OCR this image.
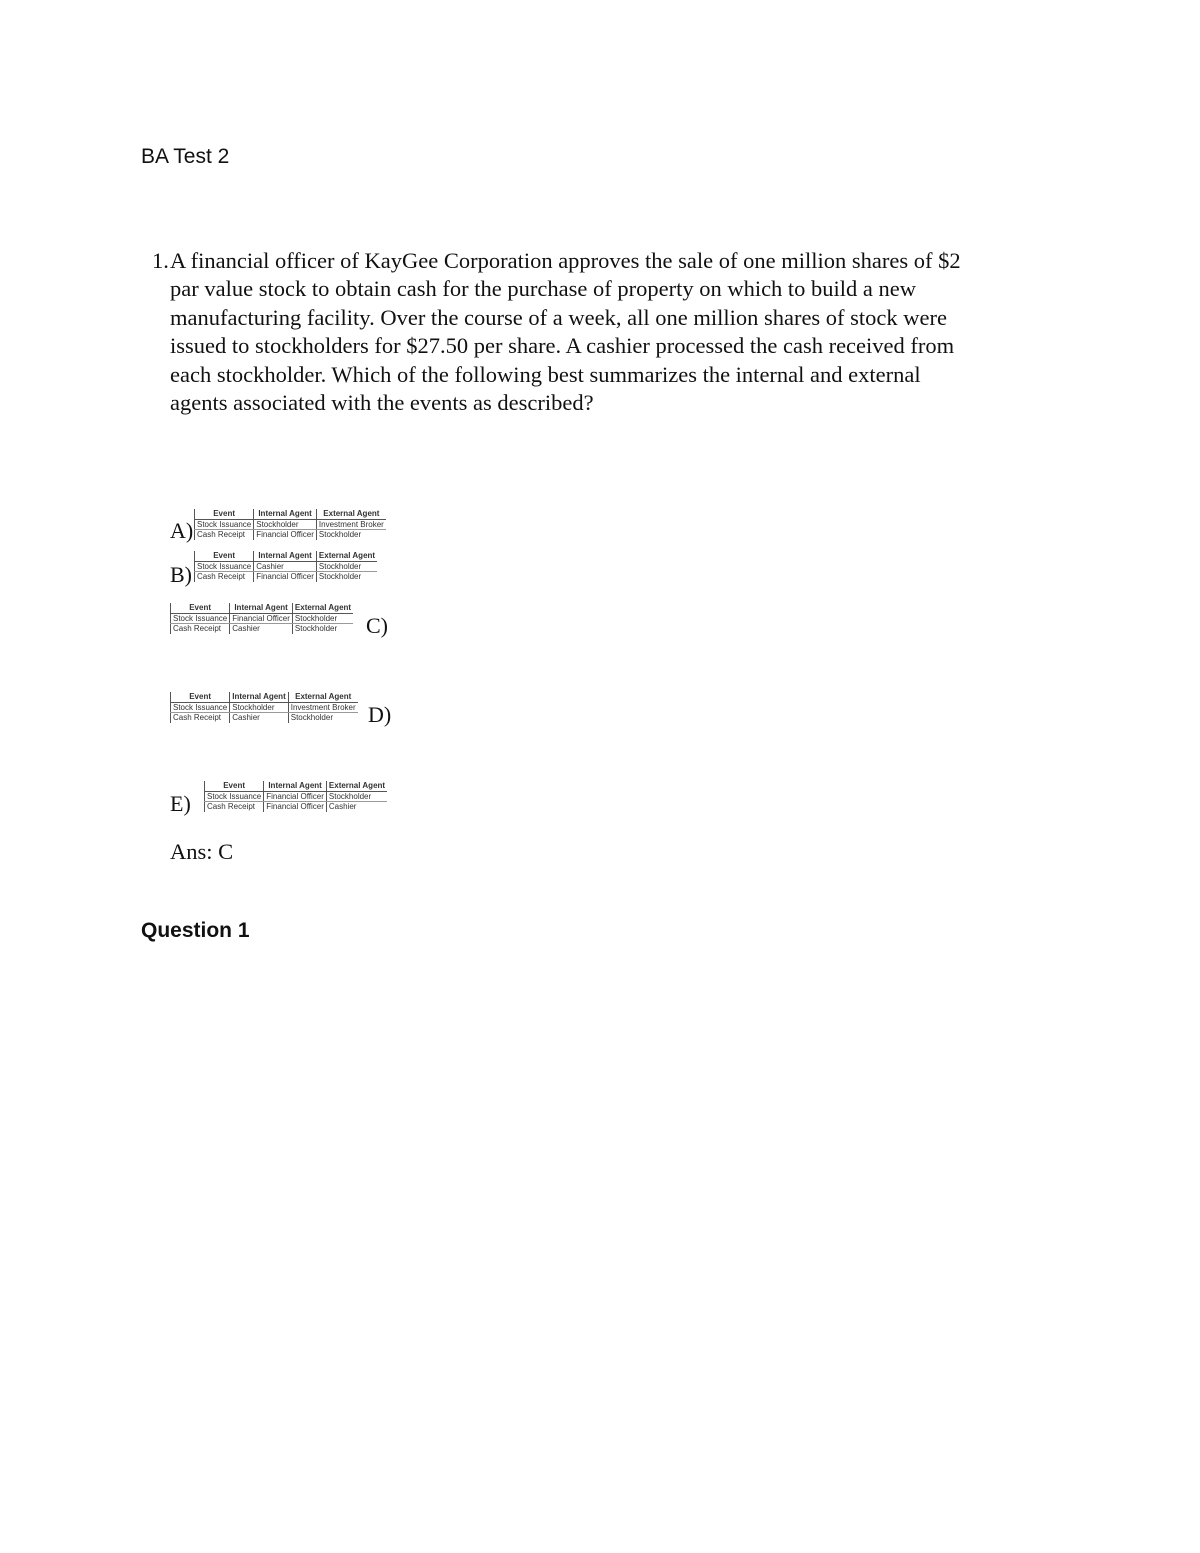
BA Test 2
1. A financial officer of KayGee Corporation approves the sale of one million shares of $2
par value stock to obtain cash for the purchase of property on which to build a new
manufacturing facility. Over the course of a week, all one million shares of stock were
issued to stockholders for $27.50 per share. A cashier processed the cash received from
each stockholder. Which of the following best summarizes the internal and external
agents associated with the events as described?
A)
Event	Internal Agent	External Agent
Stock Issuance	Stockholder	Investment Broker
Cash Receipt	Financial Officer	Stockholder
B)
Event	Internal Agent	External Agent
Stock Issuance	Cashier	Stockholder
Cash Receipt	Financial Officer	Stockholder
Event	Internal Agent	External Agent
Stock Issuance	Financial Officer	Stockholder
Cash Receipt	Cashier	Stockholder C)
Event	Internal Agent	External Agent
Stock Issuance	Stockholder	Investment Broker
Cash Receipt	Cashier	Stockholder D)
E)
Event	Internal Agent	External Agent
Stock Issuance	Financial Officer	Stockholder
Cash Receipt	Financial Officer	Cashier
Ans: C
Question 1
